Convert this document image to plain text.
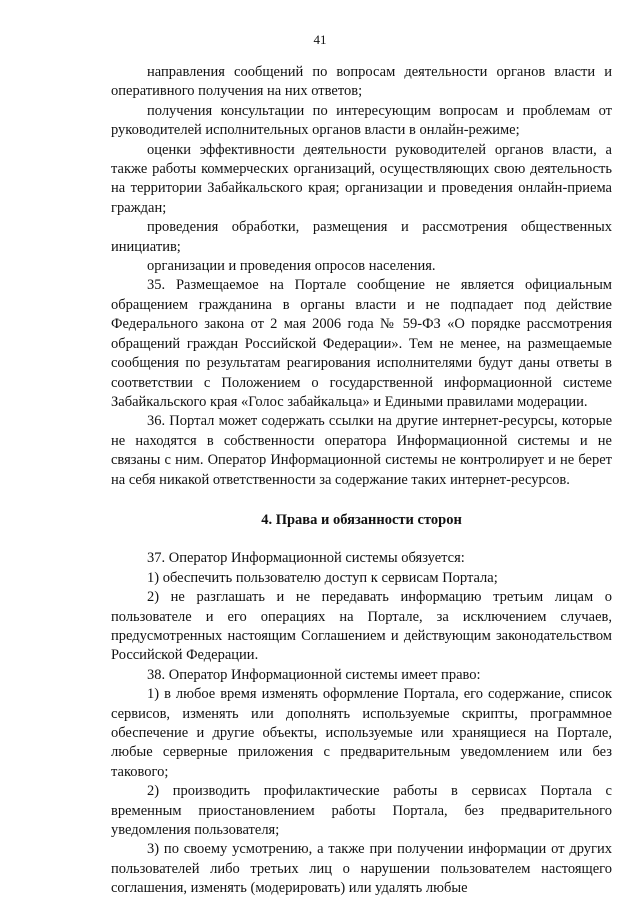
41

направления сообщений по вопросам деятельности органов власти и оперативного получения на них ответов;

получения консультации по интересующим вопросам и проблемам от руководителей исполнительных органов власти в онлайн-режиме;

оценки эффективности деятельности руководителей органов власти, а также работы коммерческих организаций, осуществляющих свою деятельность на территории Забайкальского края; организации и проведения онлайн-приема граждан;

проведения обработки, размещения и рассмотрения общественных инициатив;

организации и проведения опросов населения.

35. Размещаемое на Портале сообщение не является официальным обращением гражданина в органы власти и не подпадает под действие Федерального закона от 2 мая 2006 года № 59-ФЗ «О порядке рассмотрения обращений граждан Российской Федерации». Тем не менее, на размещаемые сообщения по результатам реагирования исполнителями будут даны ответы в соответствии с Положением о государственной информационной системе Забайкальского края «Голос забайкальца» и Едиными правилами модерации.

36. Портал может содержать ссылки на другие интернет-ресурсы, которые не находятся в собственности оператора Информационной системы и не связаны с ним. Оператор Информационной системы не контролирует и не берет на себя никакой ответственности за содержание таких интернет-ресурсов.

4. Права и обязанности сторон

37. Оператор Информационной системы обязуется:

1) обеспечить пользователю доступ к сервисам Портала;

2) не разглашать и не передавать информацию третьим лицам о пользователе и его операциях на Портале, за исключением случаев, предусмотренных настоящим Соглашением и действующим законодательством Российской Федерации.

38. Оператор Информационной системы имеет право:

1) в любое время изменять оформление Портала, его содержание, список сервисов, изменять или дополнять используемые скрипты, программное обеспечение и другие объекты, используемые или хранящиеся на Портале, любые серверные приложения с предварительным уведомлением или без такового;

2) производить профилактические работы в сервисах Портала с временным приостановлением работы Портала, без предварительного уведомления пользователя;

3) по своему усмотрению, а также при получении информации от других пользователей либо третьих лиц о нарушении пользователем настоящего соглашения, изменять (модерировать) или удалять любые
